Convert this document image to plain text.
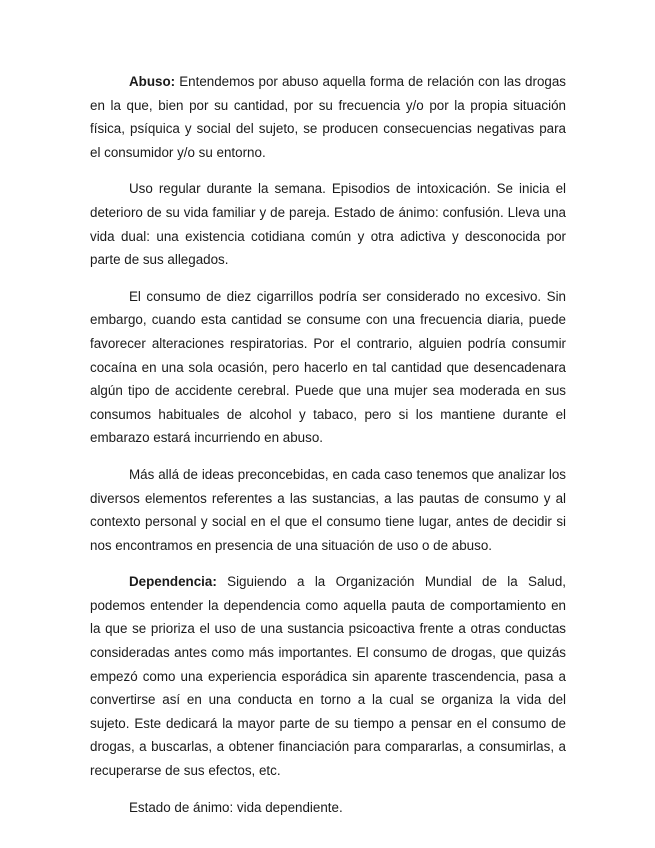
Abuso: Entendemos por abuso aquella forma de relación con las drogas en la que, bien por su cantidad, por su frecuencia y/o por la propia situación física, psíquica y social del sujeto, se producen consecuencias negativas para el consumidor y/o su entorno.

Uso regular durante la semana. Episodios de intoxicación. Se inicia el deterioro de su vida familiar y de pareja. Estado de ánimo: confusión. Lleva una vida dual: una existencia cotidiana común y otra adictiva y desconocida por parte de sus allegados.

El consumo de diez cigarrillos podría ser considerado no excesivo. Sin embargo, cuando esta cantidad se consume con una frecuencia diaria, puede favorecer alteraciones respiratorias. Por el contrario, alguien podría consumir cocaína en una sola ocasión, pero hacerlo en tal cantidad que desencadenara algún tipo de accidente cerebral. Puede que una mujer sea moderada en sus consumos habituales de alcohol y tabaco, pero si los mantiene durante el embarazo estará incurriendo en abuso.

Más allá de ideas preconcebidas, en cada caso tenemos que analizar los diversos elementos referentes a las sustancias, a las pautas de consumo y al contexto personal y social en el que el consumo tiene lugar, antes de decidir si nos encontramos en presencia de una situación de uso o de abuso.

Dependencia: Siguiendo a la Organización Mundial de la Salud, podemos entender la dependencia como aquella pauta de comportamiento en la que se prioriza el uso de una sustancia psicoactiva frente a otras conductas consideradas antes como más importantes. El consumo de drogas, que quizás empezó como una experiencia esporádica sin aparente trascendencia, pasa a convertirse así en una conducta en torno a la cual se organiza la vida del sujeto. Este dedicará la mayor parte de su tiempo a pensar en el consumo de drogas, a buscarlas, a obtener financiación para compararlas, a consumirlas, a recuperarse de sus efectos, etc.

Estado de ánimo: vida dependiente.
